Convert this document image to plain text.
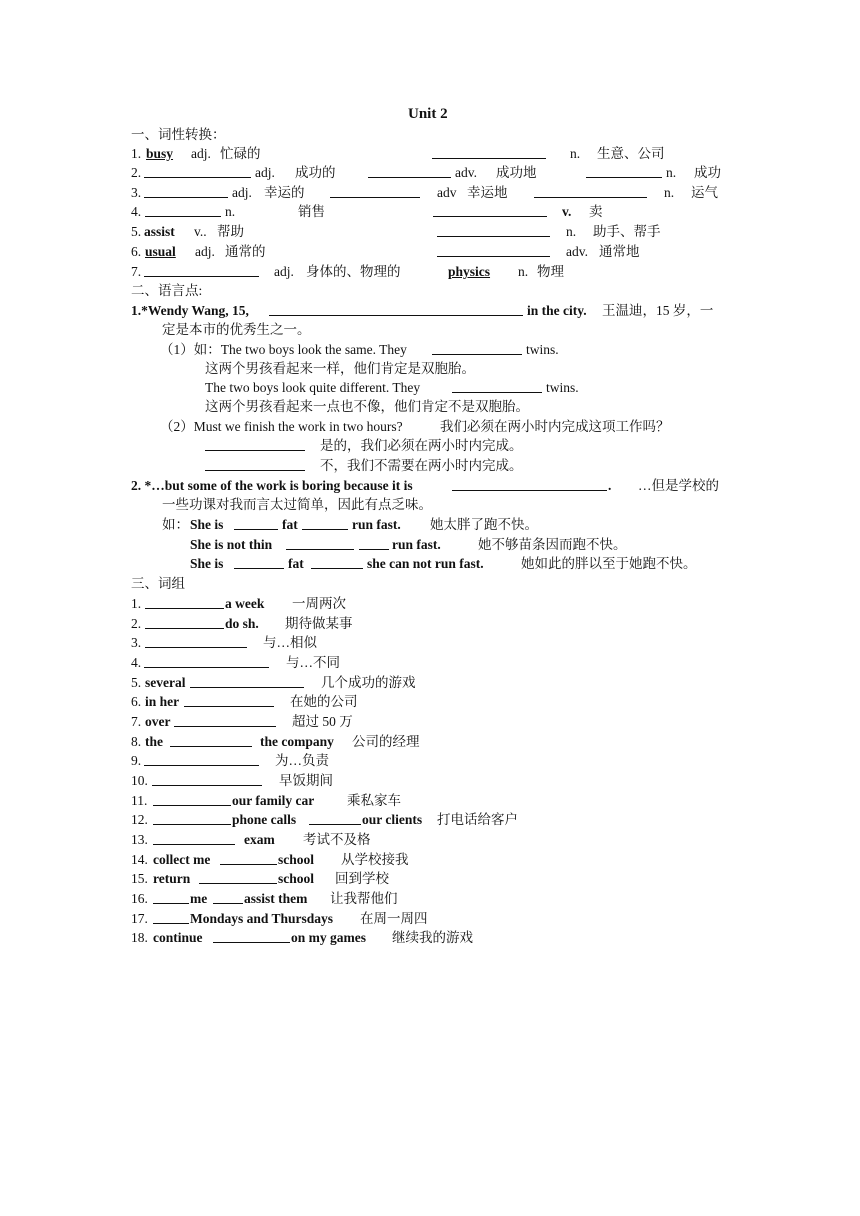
Unit 2
一、词性转换：
1. busy adj. 忙碌的	n. 生意、公司
2.	adj. 成功的	adv. 成功地	n. 成功
3.	adj. 幸运的	adv 幸运地	n. 运气
4.	n.	销售	v. 卖
5. assist v.. 帮助	n. 助手、帮手
6. usual adj. 通常的	adv. 通常地
7.	adj. 身体的、物理的	physics n. 物理
二、语言点:
1.*Wendy Wang, 15,	in the city. 王温迪，15 岁，一
定是本市的优秀生之一。
（1）如：The two boys look the same. They	twins.
这两个男孩看起来一样，他们肯定是双胞胎。
The two boys look quite different. They	twins.
这两个男孩看起来一点也不像，他们肯定不是双胞胎。
（2）Must we finish the work in two hours?	我们必须在两小时内完成这项工作吗？
是的，我们必须在两小时内完成。
不，我们不需要在两小时内完成。
2. *…but some of the work is boring because it is	. …但是学校的
一些功课对我而言太过简单，因此有点乏味。
如： She is	fat	run fast. 她太胖了跑不快。
She is not thin	run fast.	她不够苗条因而跑不快。
She is	fat	she can not run fast.	她如此的胖以至于她跑不快。
三、词组
1.	a week 一周两次
2.	do sh. 期待做某事
3.	与…相似
4.	与…不同
5. several	几个成功的游戏
6. in her	在她的公司
7. over	超过 50 万
8. the	the company 公司的经理
9.	为…负责
10.	早饭期间
11.	our family car 乘私家车
12.	phone calls	our clients 打电话给客户
13.	exam 考试不及格
14. collect me	school 从学校接我
15. return	school 回到学校
16.	me	assist them 让我帮他们
17.	Mondays and Thursdays 在周一周四
18. continue	on my games 继续我的游戏
